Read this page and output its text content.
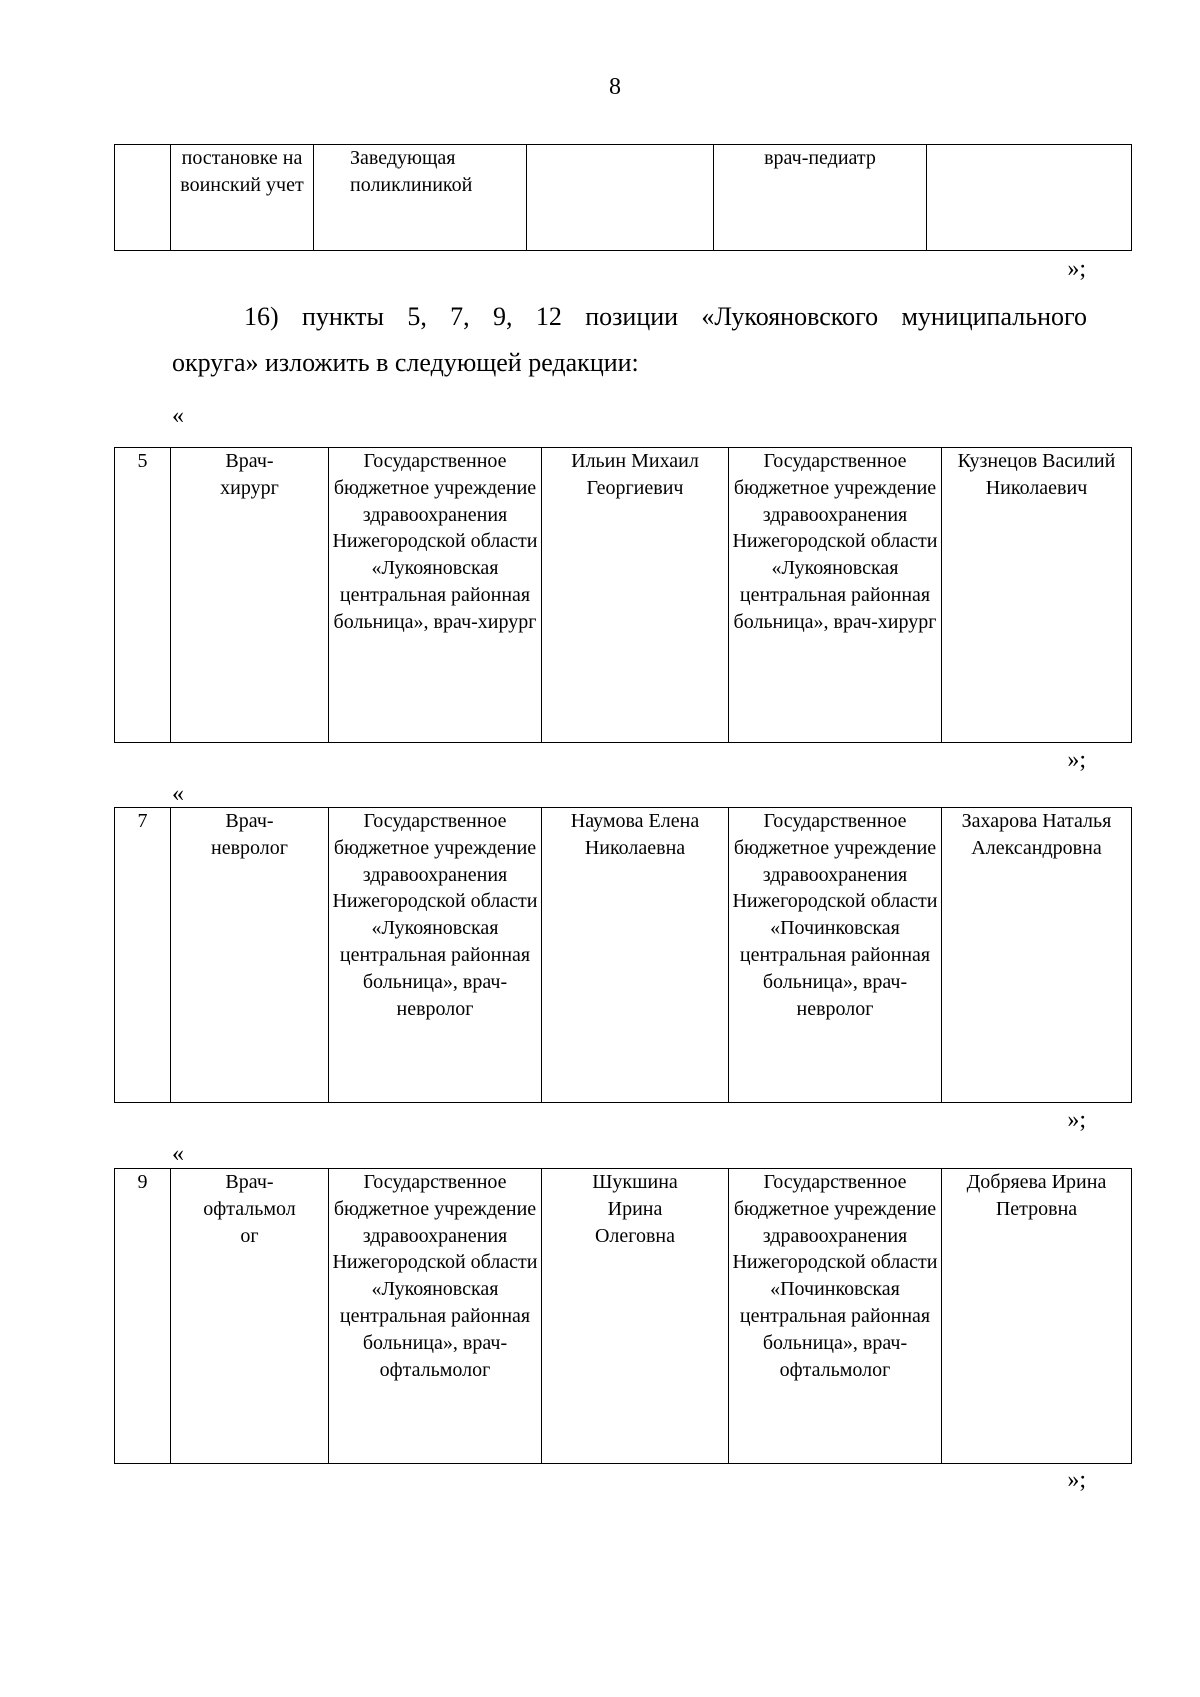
8
	постановке на воинский учет	Заведующая поликлиникой		врач-педиатр	
»;
16) пункты 5, 7, 9, 12 позиции «Лукояновского муниципального
округа» изложить в следующей редакции:
«
5	Врач-хирург	Государственное бюджетное учреждение здравоохранения Нижегородской области «Лукояновская центральная районная больница», врач-хирург	Ильин Михаил Георгиевич	Государственное бюджетное учреждение здравоохранения Нижегородской области «Лукояновская центральная районная больница», врач-хирург	Кузнецов Василий Николаевич
»;
«
7	Врач-невролог	Государственное бюджетное учреждение здравоохранения Нижегородской области «Лукояновская центральная районная больница», врач-невролог	Наумова Елена Николаевна	Государственное бюджетное учреждение здравоохранения Нижегородской области «Починковская центральная районная больница», врач-невролог	Захарова Наталья Александровна
»;
«
9	Врач-офтальмолог	Государственное бюджетное учреждение здравоохранения Нижегородской области «Лукояновская центральная районная больница», врач-офтальмолог	Шукшина Ирина Олеговна	Государственное бюджетное учреждение здравоохранения Нижегородской области «Починковская центральная районная больница», врач-офтальмолог	Добряева Ирина Петровна
»;
